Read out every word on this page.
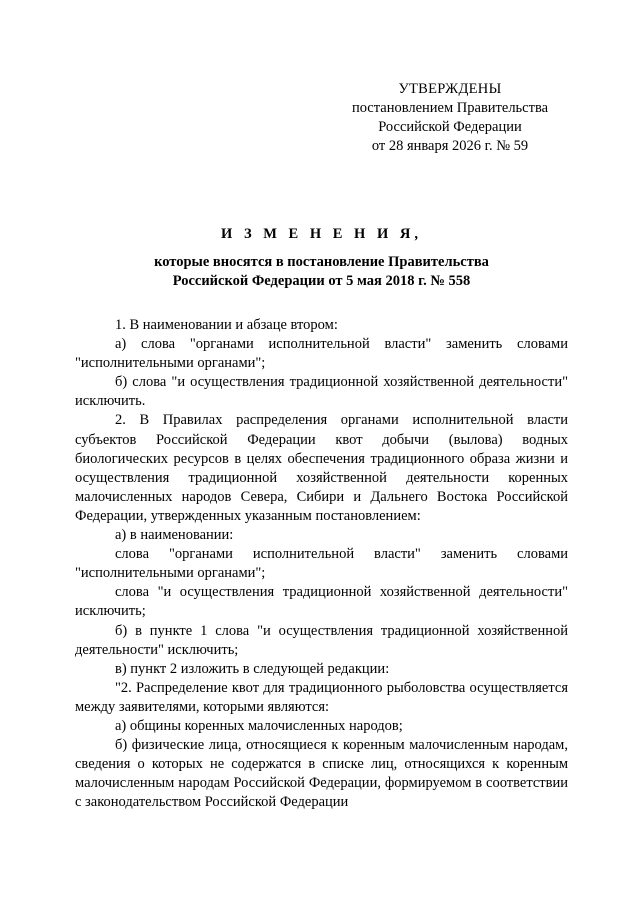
УТВЕРЖДЕНЫ
постановлением Правительства
Российской Федерации
от 28 января 2026 г. № 59
И З М Е Н Е Н И Я,
которые вносятся в постановление Правительства
Российской Федерации от 5 мая 2018 г. № 558

1. В наименовании и абзаце втором:

а) слова "органами исполнительной власти" заменить словами "исполнительными органами";

б) слова "и осуществления традиционной хозяйственной деятельности" исключить.

2. В Правилах распределения органами исполнительной власти субъектов Российской Федерации квот добычи (вылова) водных биологических ресурсов в целях обеспечения традиционного образа жизни и осуществления традиционной хозяйственной деятельности коренных малочисленных народов Севера, Сибири и Дальнего Востока Российской Федерации, утвержденных указанным постановлением:

а) в наименовании:

слова "органами исполнительной власти" заменить словами "исполнительными органами";

слова "и осуществления традиционной хозяйственной деятельности" исключить;

б) в пункте 1 слова "и осуществления традиционной хозяйственной деятельности" исключить;

в) пункт 2 изложить в следующей редакции:

"2. Распределение квот для традиционного рыболовства осуществляется между заявителями, которыми являются:

а) общины коренных малочисленных народов;

б) физические лица, относящиеся к коренным малочисленным народам, сведения о которых не содержатся в списке лиц, относящихся к коренным малочисленным народам Российской Федерации, формируемом в соответствии с законодательством Российской Федерации
